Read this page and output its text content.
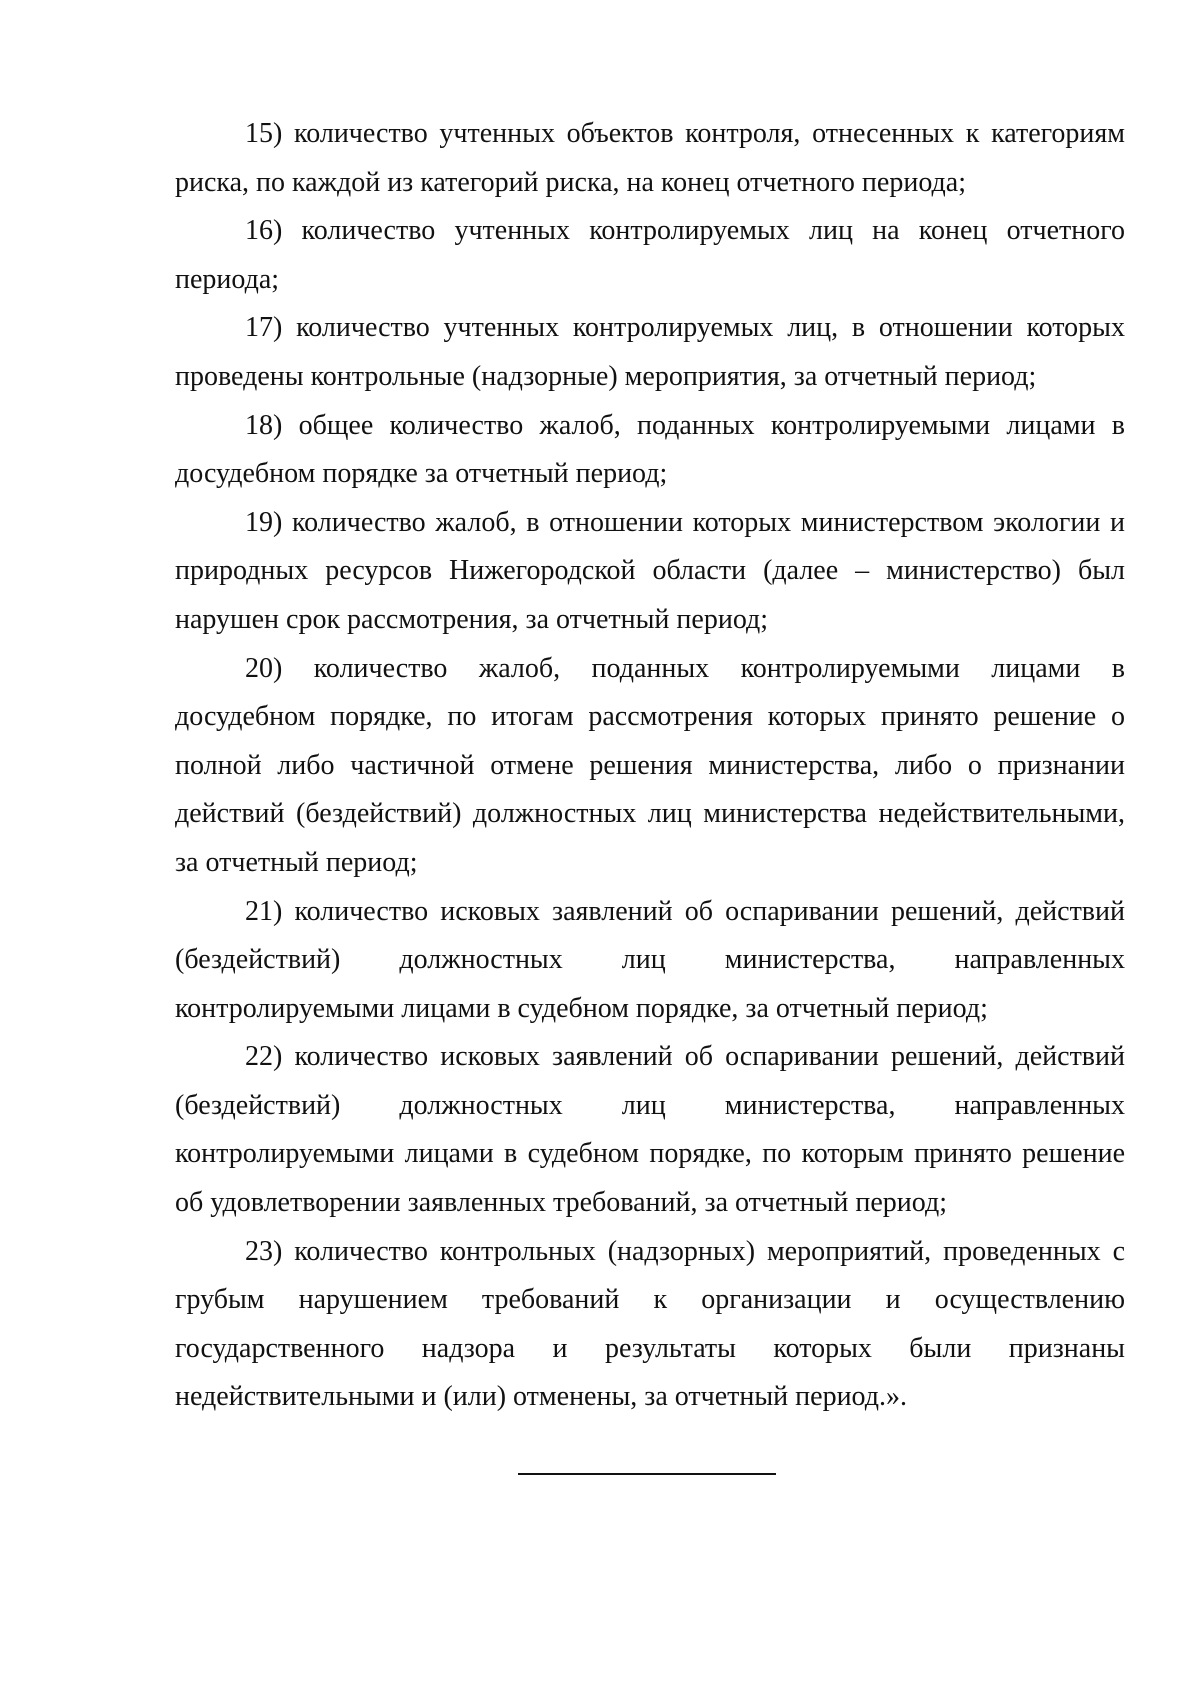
15) количество учтенных объектов контроля, отнесенных к категориям риска, по каждой из категорий риска, на конец отчетного периода;

16) количество учтенных контролируемых лиц на конец отчетного периода;

17) количество учтенных контролируемых лиц, в отношении которых проведены контрольные (надзорные) мероприятия, за отчетный период;

18) общее количество жалоб, поданных контролируемыми лицами в досудебном порядке за отчетный период;

19) количество жалоб, в отношении которых министерством экологии и природных ресурсов Нижегородской области (далее – министерство) был нарушен срок рассмотрения, за отчетный период;

20) количество жалоб, поданных контролируемыми лицами в досудебном порядке, по итогам рассмотрения которых принято решение о полной либо частичной отмене решения министерства, либо о признании действий (бездействий) должностных лиц министерства недействительными, за отчетный период;

21) количество исковых заявлений об оспаривании решений, действий (бездействий) должностных лиц министерства, направленных контролируемыми лицами в судебном порядке, за отчетный период;

22) количество исковых заявлений об оспаривании решений, действий (бездействий) должностных лиц министерства, направленных контролируемыми лицами в судебном порядке, по которым принято решение об удовлетворении заявленных требований, за отчетный период;

23) количество контрольных (надзорных) мероприятий, проведенных с грубым нарушением требований к организации и осуществлению государственного надзора и результаты которых были признаны недействительными и (или) отменены, за отчетный период.».
